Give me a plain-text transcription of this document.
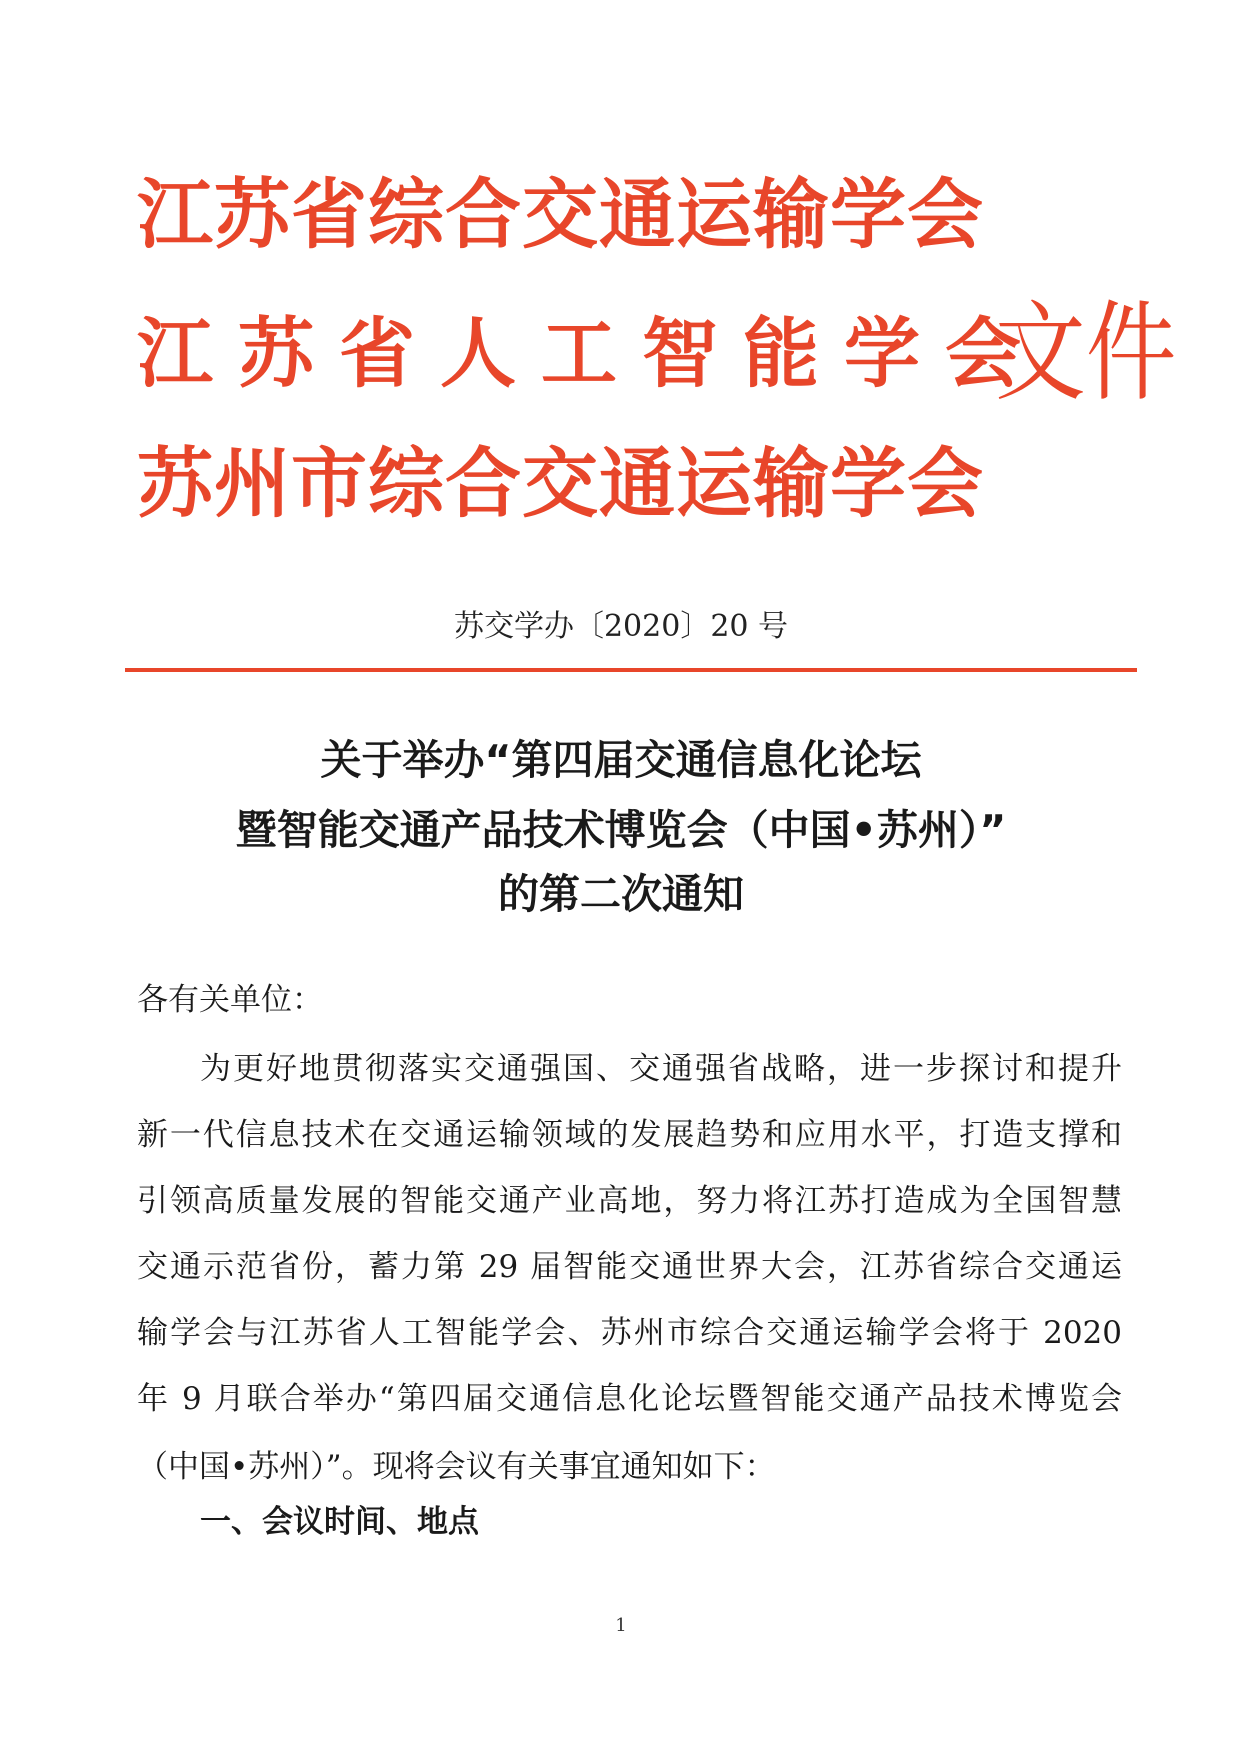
江苏省综合交通运输学会
江苏省人工智能学会
苏州市综合交通运输学会
文件
苏交学办〔2020〕20 号
关于举办“第四届交通信息化论坛
暨智能交通产品技术博览会（中国•苏州）”
的第二次通知
各有关单位：
为更好地贯彻落实交通强国、交通强省战略，进一步探讨和提升
新一代信息技术在交通运输领域的发展趋势和应用水平，打造支撑和
引领高质量发展的智能交通产业高地，努力将江苏打造成为全国智慧
交通示范省份，蓄力第 29 届智能交通世界大会，江苏省综合交通运
输学会与江苏省人工智能学会、苏州市综合交通运输学会将于 2020
年 9 月联合举办“第四届交通信息化论坛暨智能交通产品技术博览会
（中国•苏州）”。现将会议有关事宜通知如下：
一、会议时间、地点
1
